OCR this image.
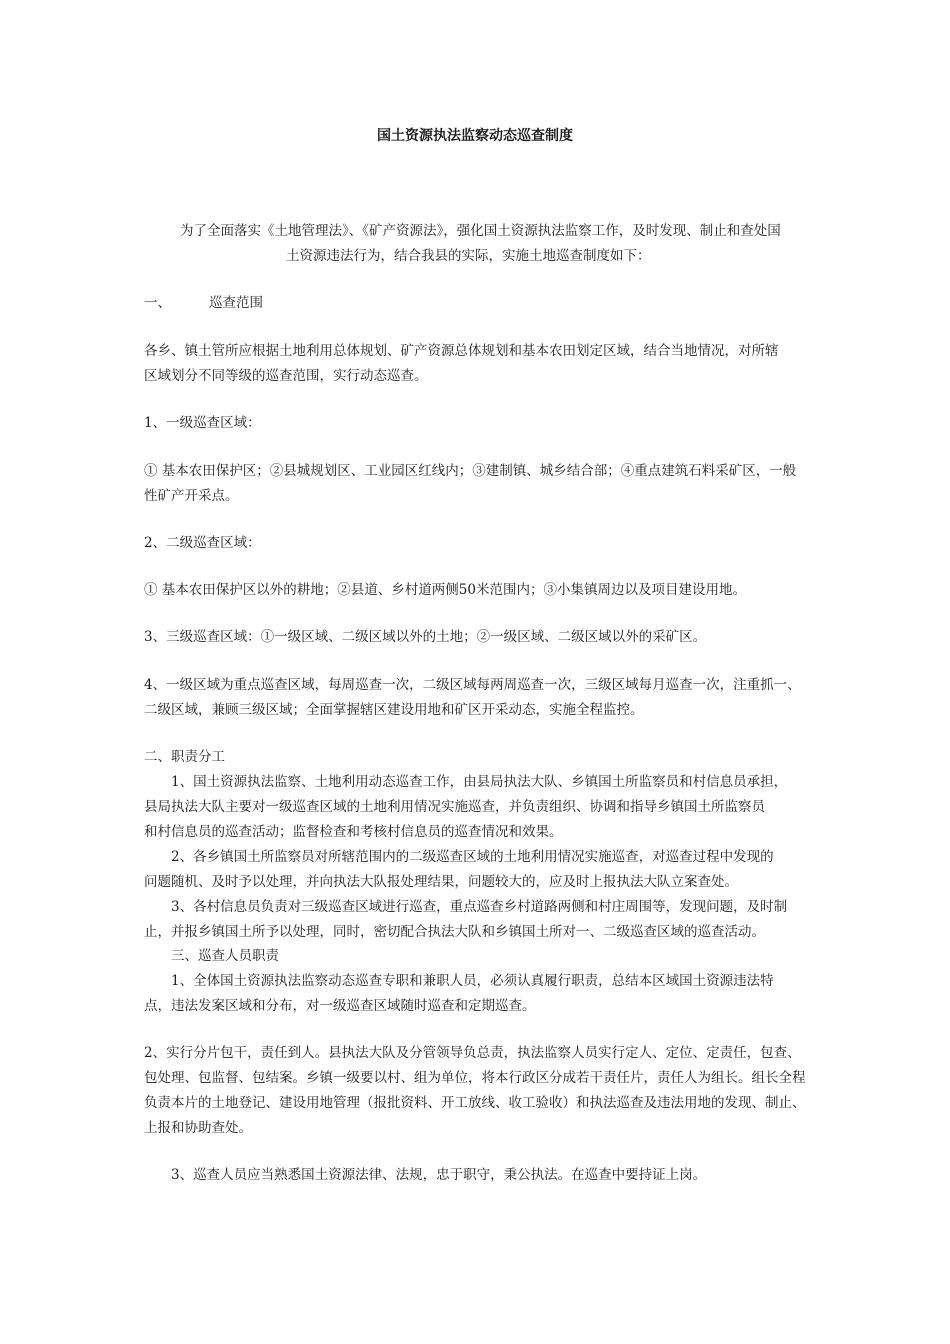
国土资源执法监察动态巡查制度
为了全面落实《土地管理法》、《矿产资源法》，强化国土资源执法监察工作，及时发现、制止和查处国
土资源违法行为，结合我县的实际，实施土地巡查制度如下：
一、	巡查范围
各乡、镇土管所应根据土地利用总体规划、矿产资源总体规划和基本农田划定区域，结合当地情况，对所辖
区域划分不同等级的巡查范围，实行动态巡查。
1、一级巡查区域：
① 基本农田保护区；②县城规划区、工业园区红线内；③建制镇、城乡结合部；④重点建筑石料采矿区，一般
性矿产开采点。
2、二级巡查区域：
① 基本农田保护区以外的耕地；②县道、乡村道两侧50米范围内；③小集镇周边以及项目建设用地。
3、三级巡查区域：①一级区域、二级区域以外的土地；②一级区域、二级区域以外的采矿区。
4、一级区域为重点巡查区域，每周巡查一次，二级区域每两周巡查一次，三级区域每月巡查一次，注重抓一、
二级区域，兼顾三级区域；全面掌握辖区建设用地和矿区开采动态，实施全程监控。
二、职责分工
1、国土资源执法监察、土地利用动态巡查工作，由县局执法大队、乡镇国土所监察员和村信息员承担，
县局执法大队主要对一级巡查区域的土地利用情况实施巡查，并负责组织、协调和指导乡镇国土所监察员
和村信息员的巡查活动；监督检查和考核村信息员的巡查情况和效果。
2、各乡镇国土所监察员对所辖范围内的二级巡查区域的土地利用情况实施巡查，对巡查过程中发现的
问题随机、及时予以处理，并向执法大队报处理结果，问题较大的，应及时上报执法大队立案查处。
3、各村信息员负责对三级巡查区域进行巡查，重点巡查乡村道路两侧和村庄周围等，发现问题，及时制
止，并报乡镇国土所予以处理，同时，密切配合执法大队和乡镇国土所对一、二级巡查区域的巡查活动。
三、巡查人员职责
1、全体国土资源执法监察动态巡查专职和兼职人员，必须认真履行职责，总结本区域国土资源违法特
点，违法发案区域和分布，对一级巡查区域随时巡查和定期巡查。
2、实行分片包干，责任到人。县执法大队及分管领导负总责，执法监察人员实行定人、定位、定责任，包查、
包处理、包监督、包结案。乡镇一级要以村、组为单位，将本行政区分成若干责任片，责任人为组长。组长全程
负责本片的土地登记、建设用地管理（报批资料、开工放线、收工验收）和执法巡查及违法用地的发现、制止、
上报和协助查处。
3、巡查人员应当熟悉国土资源法律、法规，忠于职守，秉公执法。在巡查中要持证上岗。
